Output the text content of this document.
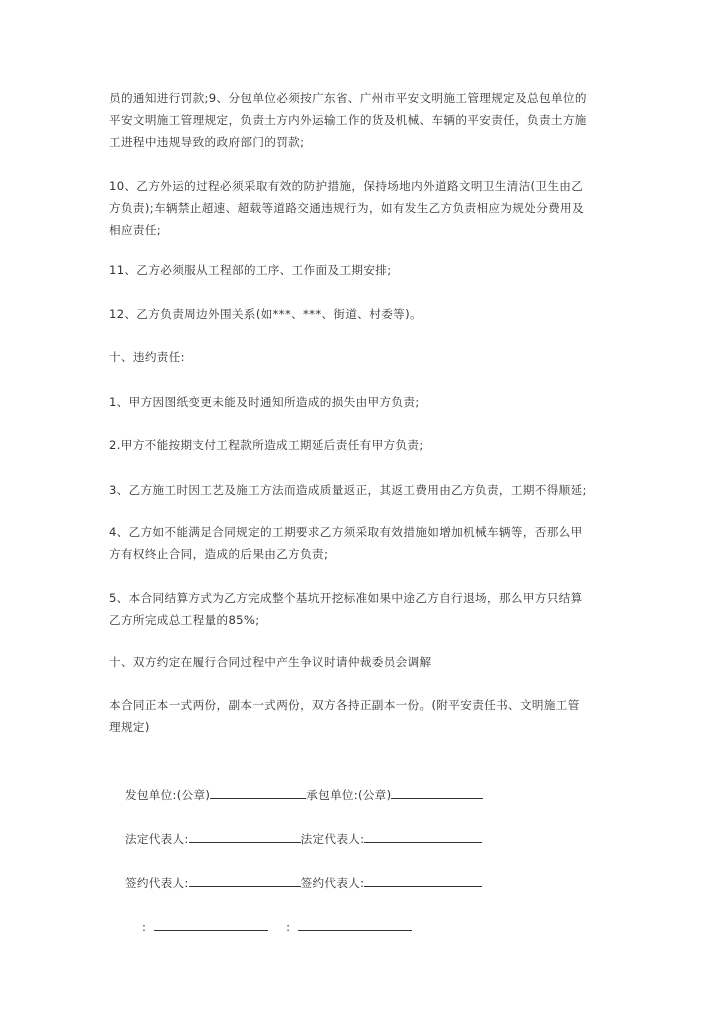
员的通知进行罚款;9、分包单位必须按广东省、广州市平安文明施工管理规定及总包单位的
平安文明施工管理规定，负责土方内外运输工作的货及机械、车辆的平安责任，负责土方施
工进程中违规导致的政府部门的罚款;

10、乙方外运的过程必须采取有效的防护措施，保持场地内外道路文明卫生清洁(卫生由乙
方负责);车辆禁止超速、超载等道路交通违规行为，如有发生乙方负责相应为规处分费用及
相应责任;

11、乙方必须服从工程部的工序、工作面及工期安排;

12、乙方负责周边外围关系(如***、***、街道、村委等)。

十、违约责任:

1、甲方因图纸变更未能及时通知所造成的损失由甲方负责;

2.甲方不能按期支付工程款所造成工期延后责任有甲方负责;

3、乙方施工时因工艺及施工方法而造成质量返正，其返工费用由乙方负责，工期不得顺延;

4、乙方如不能满足合同规定的工期要求乙方须采取有效措施如增加机械车辆等，否那么甲
方有权终止合同，造成的后果由乙方负责;

5、本合同结算方式为乙方完成整个基坑开挖标准如果中途乙方自行退场，那么甲方只结算
乙方所完成总工程量的85%;

十、双方约定在履行合同过程中产生争议时请仲裁委员会调解

本合同正本一式两份，副本一式两份，双方各持正副本一份。(附平安责任书、文明施工管
理规定)

发包单位:(公章)	承包单位:(公章)

法定代表人:	法定代表人:

签约代表人:	签约代表人:

:	:
